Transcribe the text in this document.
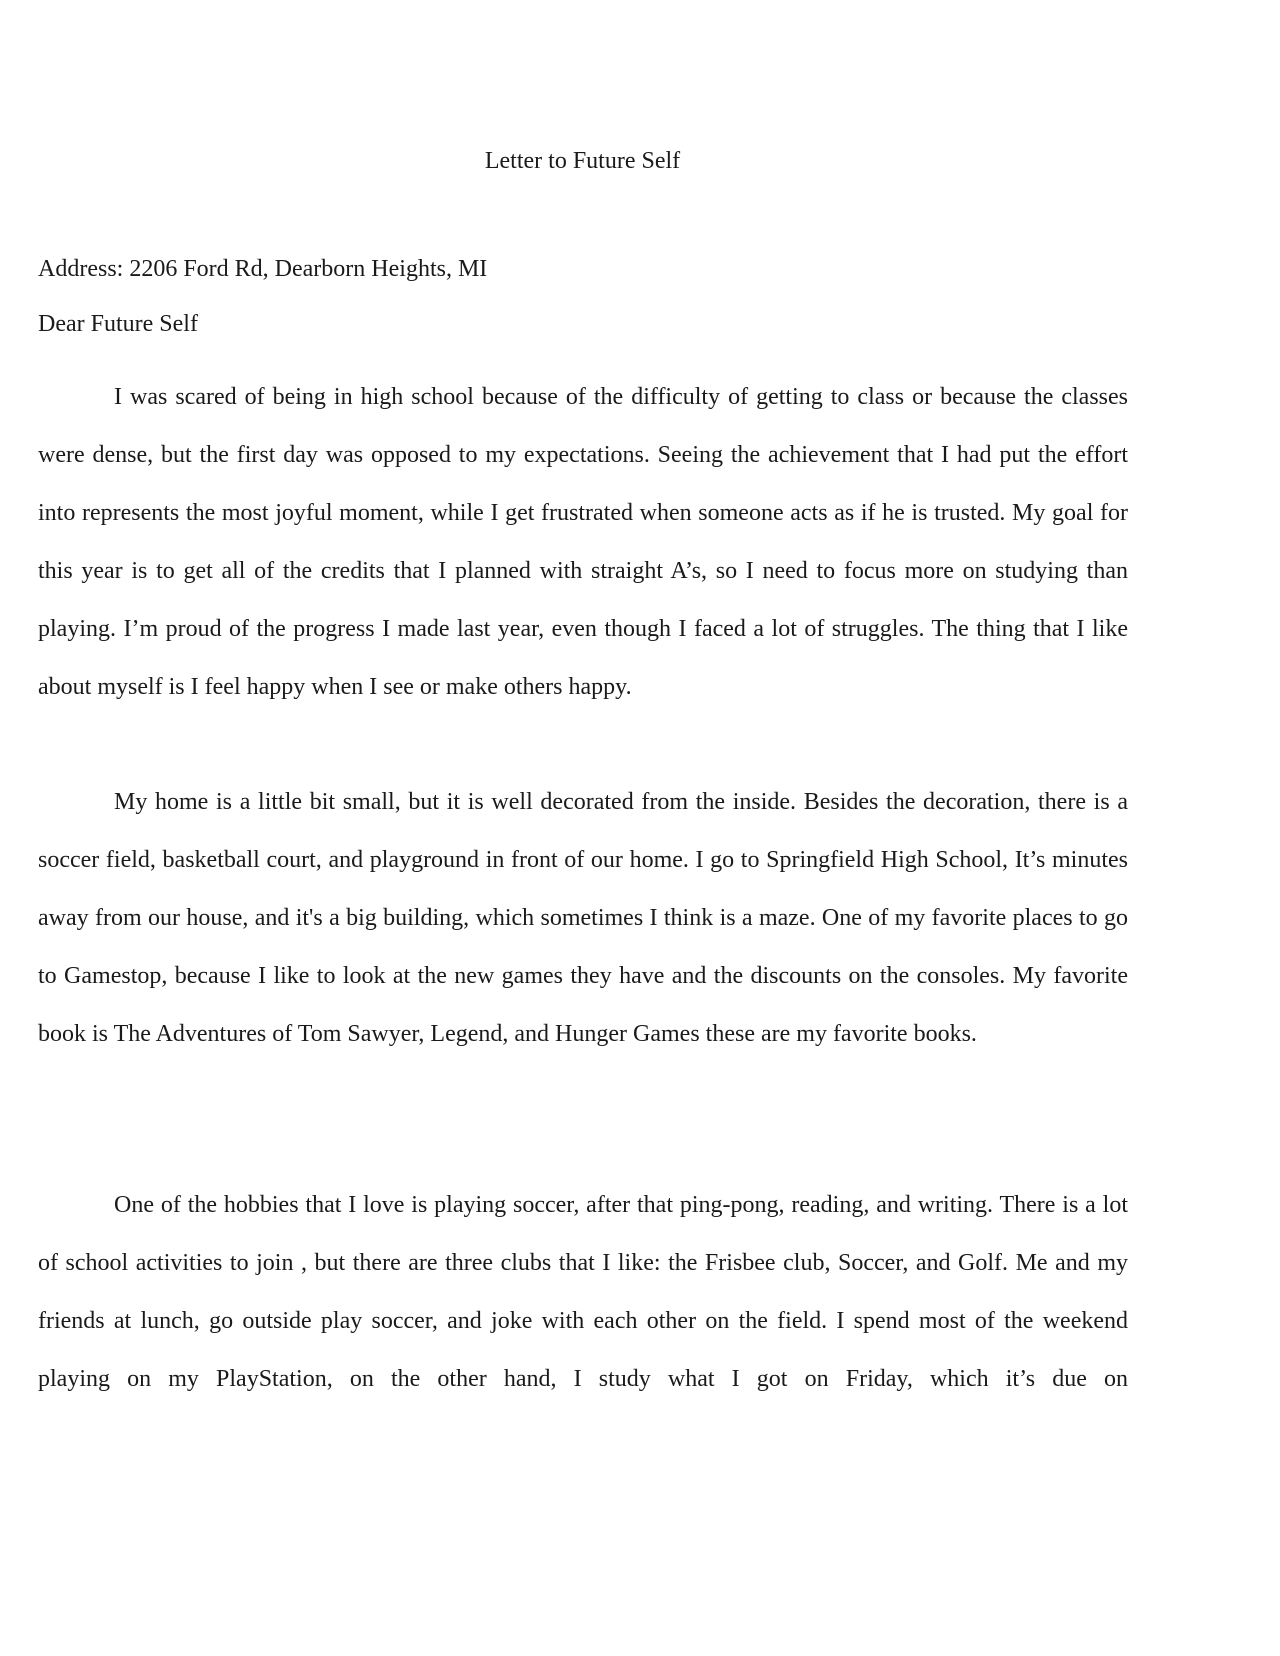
Letter to Future Self

Address: 2206 Ford Rd, Dearborn Heights, MI

Dear Future Self

I was scared of being in high school because of the difficulty of getting to class or because the classes were dense, but the first day was opposed to my expectations. Seeing the achievement that I had put the effort into represents the most joyful moment, while I get frustrated when someone acts as if he is trusted. My goal for this year is to get all of the credits that I planned with straight A’s, so I need to focus more on studying than playing. I’m proud of the progress I made last year, even though I faced a lot of struggles. The thing that I like about myself is I feel happy when I see or make others happy.

My home is a little bit small, but it is well decorated from the inside. Besides the decoration, there is a soccer field, basketball court, and playground in front of our home. I go to Springfield High School, It’s minutes away from our house, and it's a big building, which sometimes I think is a maze. One of my favorite places to go to Gamestop, because I like to look at the new games they have and the discounts on the consoles. My favorite book is The Adventures of Tom Sawyer, Legend, and Hunger Games these are my favorite books.

One of the hobbies that I love is playing soccer, after that ping-pong, reading, and writing. There is a lot of school activities to join , but there are three clubs that I like: the Frisbee club, Soccer, and Golf. Me and my friends at lunch, go outside play soccer, and joke with each other on the field. I spend most of the weekend playing on my PlayStation, on the other hand, I study what I got on Friday, which it’s due on
